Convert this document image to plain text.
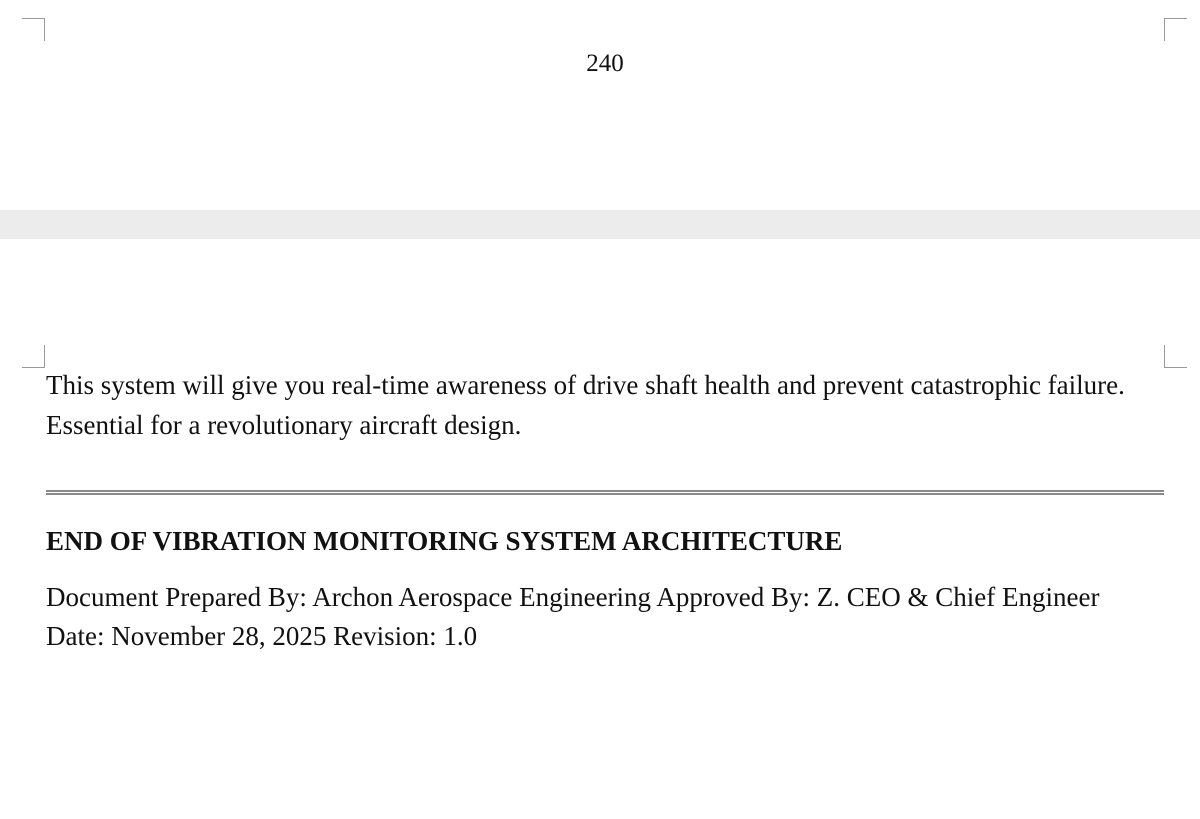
240

This system will give you real-time awareness of drive shaft health and prevent catastrophic failure. Essential for a revolutionary aircraft design.

END OF VIBRATION MONITORING SYSTEM ARCHITECTURE

Document Prepared By: Archon Aerospace Engineering Approved By: Z. CEO & Chief Engineer Date: November 28, 2025 Revision: 1.0
